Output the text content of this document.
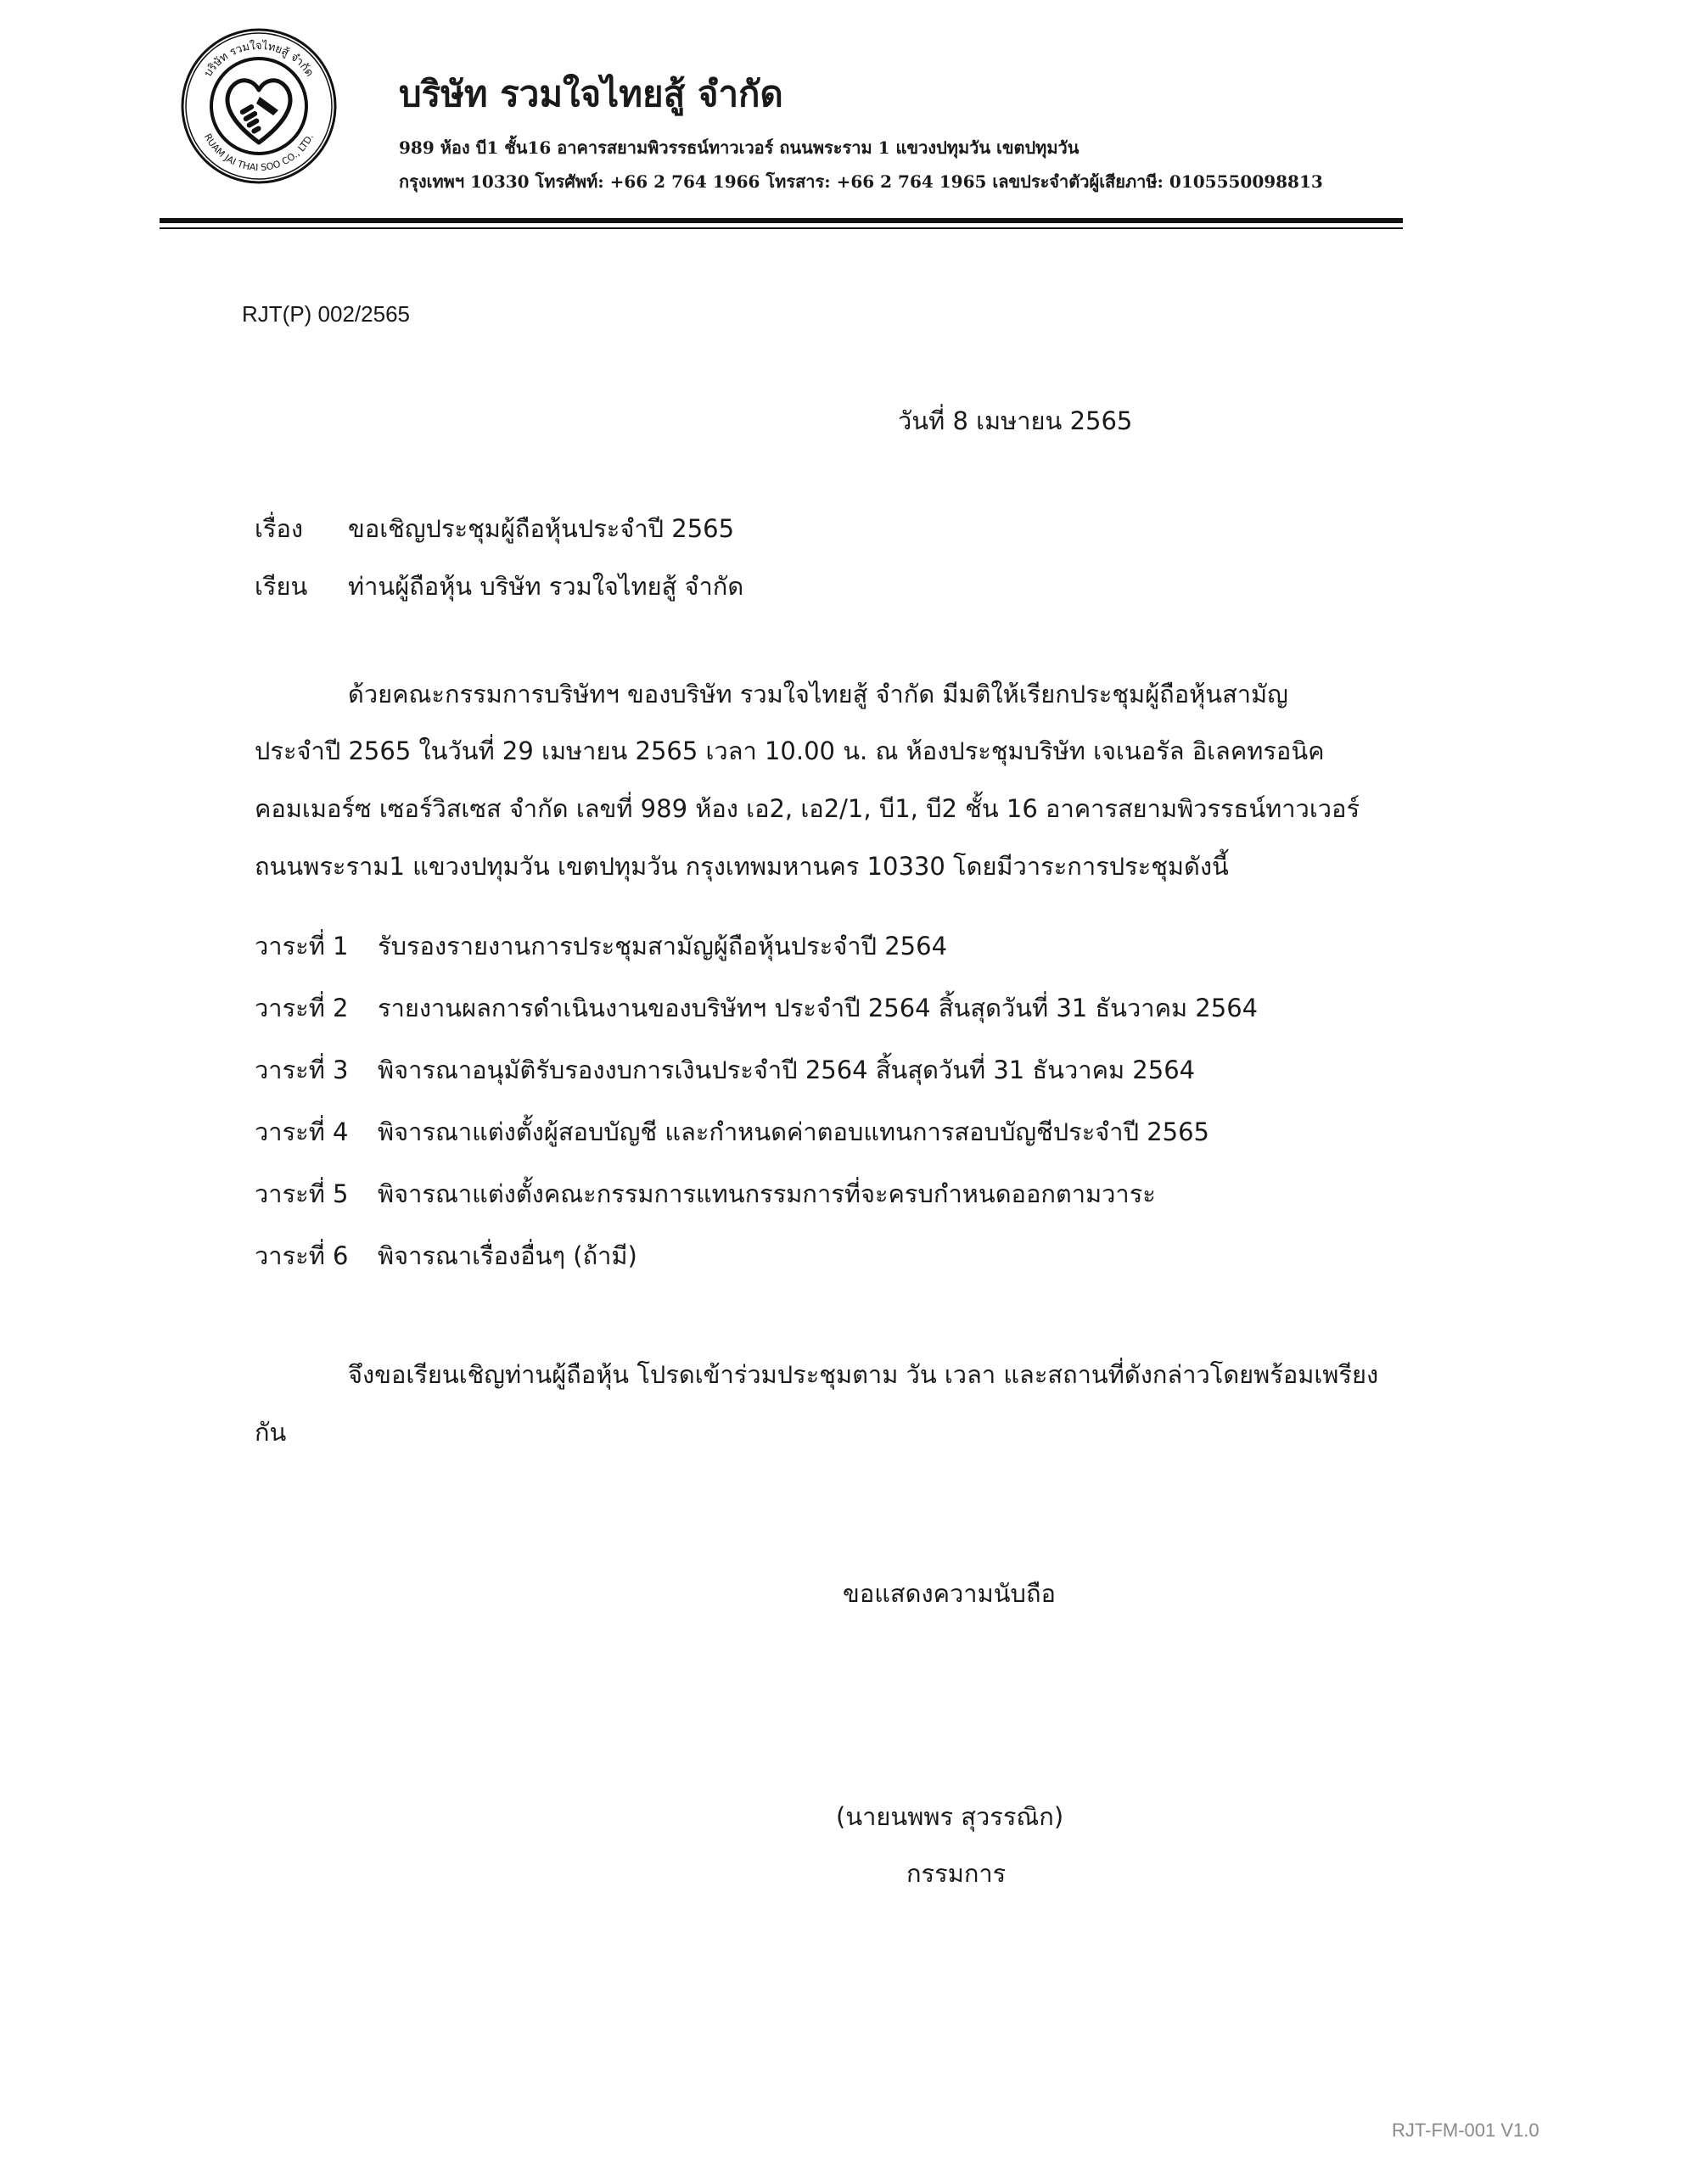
บริษัท รวมใจไทยสู้ จำกัด
RUAM JAI THAI SOO CO., LTD.
บริษัท รวมใจไทยสู้ จำกัด
989 ห้อง บี1 ชั้น16 อาคารสยามพิวรรธน์ทาวเวอร์ ถนนพระราม 1 แขวงปทุมวัน เขตปทุมวัน
กรุงเทพฯ 10330 โทรศัพท์: +66 2 764 1966 โทรสาร: +66 2 764 1965 เลขประจำตัวผู้เสียภาษี: 0105550098813
RJT(P) 002/2565
วันที่ 8 เมษายน 2565
เรื่อง ขอเชิญประชุมผู้ถือหุ้นประจำปี 2565
เรียน ท่านผู้ถือหุ้น บริษัท รวมใจไทยสู้ จำกัด
ด้วยคณะกรรมการบริษัทฯ ของบริษัท รวมใจไทยสู้ จำกัด มีมติให้เรียกประชุมผู้ถือหุ้นสามัญ
ประจำปี 2565 ในวันที่ 29 เมษายน 2565 เวลา 10.00 น. ณ ห้องประชุมบริษัท เจเนอรัล อิเลคทรอนิค
คอมเมอร์ซ เซอร์วิสเซส จำกัด เลขที่ 989 ห้อง เอ2, เอ2/1, บี1, บี2 ชั้น 16 อาคารสยามพิวรรธน์ทาวเวอร์
ถนนพระราม1 แขวงปทุมวัน เขตปทุมวัน กรุงเทพมหานคร 10330 โดยมีวาระการประชุมดังนี้
วาระที่ 1 รับรองรายงานการประชุมสามัญผู้ถือหุ้นประจำปี 2564
วาระที่ 2 รายงานผลการดำเนินงานของบริษัทฯ ประจำปี 2564 สิ้นสุดวันที่ 31 ธันวาคม 2564
วาระที่ 3 พิจารณาอนุมัติรับรองงบการเงินประจำปี 2564 สิ้นสุดวันที่ 31 ธันวาคม 2564
วาระที่ 4 พิจารณาแต่งตั้งผู้สอบบัญชี และกำหนดค่าตอบแทนการสอบบัญชีประจำปี 2565
วาระที่ 5 พิจารณาแต่งตั้งคณะกรรมการแทนกรรมการที่จะครบกำหนดออกตามวาระ
วาระที่ 6 พิจารณาเรื่องอื่นๆ (ถ้ามี)
จึงขอเรียนเชิญท่านผู้ถือหุ้น โปรดเข้าร่วมประชุมตาม วัน เวลา และสถานที่ดังกล่าวโดยพร้อมเพรียง
กัน
ขอแสดงความนับถือ
(นายนพพร สุวรรณิก)
กรรมการ
RJT-FM-001 V1.0
